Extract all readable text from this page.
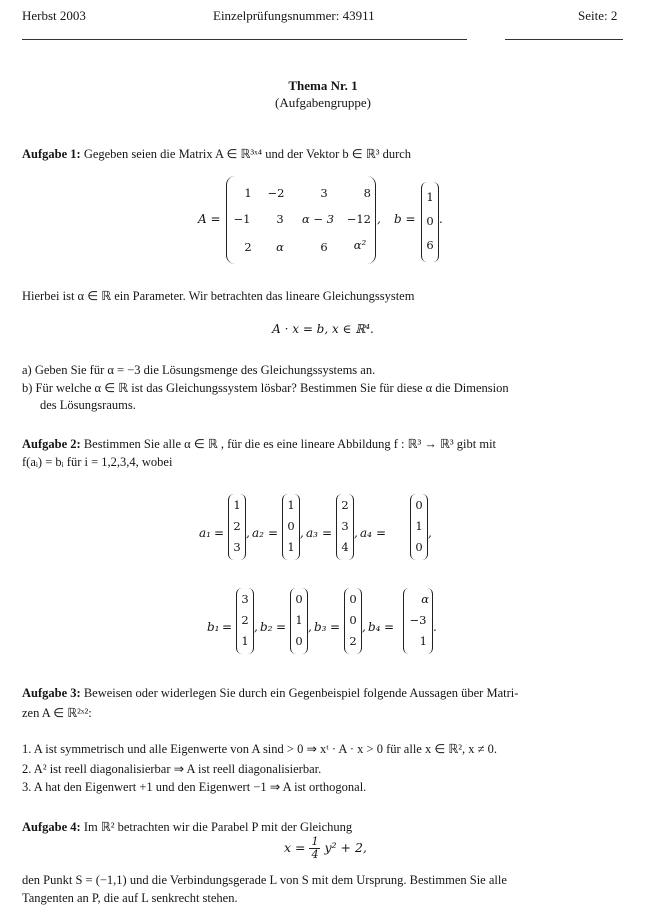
Herbst 2003	Einzelprüfungsnummer: 43911	Seite: 2
Thema Nr. 1
(Aufgabengruppe)
Aufgabe 1: Gegeben seien die Matrix A ∈ ℝ³ˣ⁴ und der Vektor b ∈ ℝ³ durch
A =
1	−2	3	8
−1	3	α − 3	−12
2	α	6	α²
, b =
1
0
6
.
Hierbei ist α ∈ ℝ ein Parameter. Wir betrachten das lineare Gleichungssystem
A · x = b, x ∈ ℝ⁴.
a) Geben Sie für α = −3 die Lösungsmenge des Gleichungssystems an.
b) Für welche α ∈ ℝ ist das Gleichungssystem lösbar? Bestimmen Sie für diese α die Dimension
des Lösungsraums.
Aufgabe 2: Bestimmen Sie alle α ∈ ℝ , für die es eine lineare Abbildung f : ℝ³ → ℝ³ gibt mit
f(aᵢ) = bᵢ für i = 1,2,3,4, wobei
a₁ =
1
2
3
, a₂ =
1
0
1
, a₃ =
2
3
4
, a₄ =
0
1
0
,
b₁ =
3
2
1
, b₂ =
0
1
0
, b₃ =
0
0
2
, b₄ =
α
−3
1
.
Aufgabe 3: Beweisen oder widerlegen Sie durch ein Gegenbeispiel folgende Aussagen über Matri-
zen A ∈ ℝ²ˣ²:
1. A ist symmetrisch und alle Eigenwerte von A sind > 0 ⇒ xᵗ · A · x > 0 für alle x ∈ ℝ², x ≠ 0.
2. A² ist reell diagonalisierbar ⇒ A ist reell diagonalisierbar.
3. A hat den Eigenwert +1 und den Eigenwert −1 ⇒ A ist orthogonal.
Aufgabe 4: Im ℝ² betrachten wir die Parabel P mit der Gleichung
$x = \frac{1}{4} y^2 + 2$,
den Punkt S = (−1,1) und die Verbindungsgerade L von S mit dem Ursprung. Bestimmen Sie alle
Tangenten an P, die auf L senkrecht stehen.
